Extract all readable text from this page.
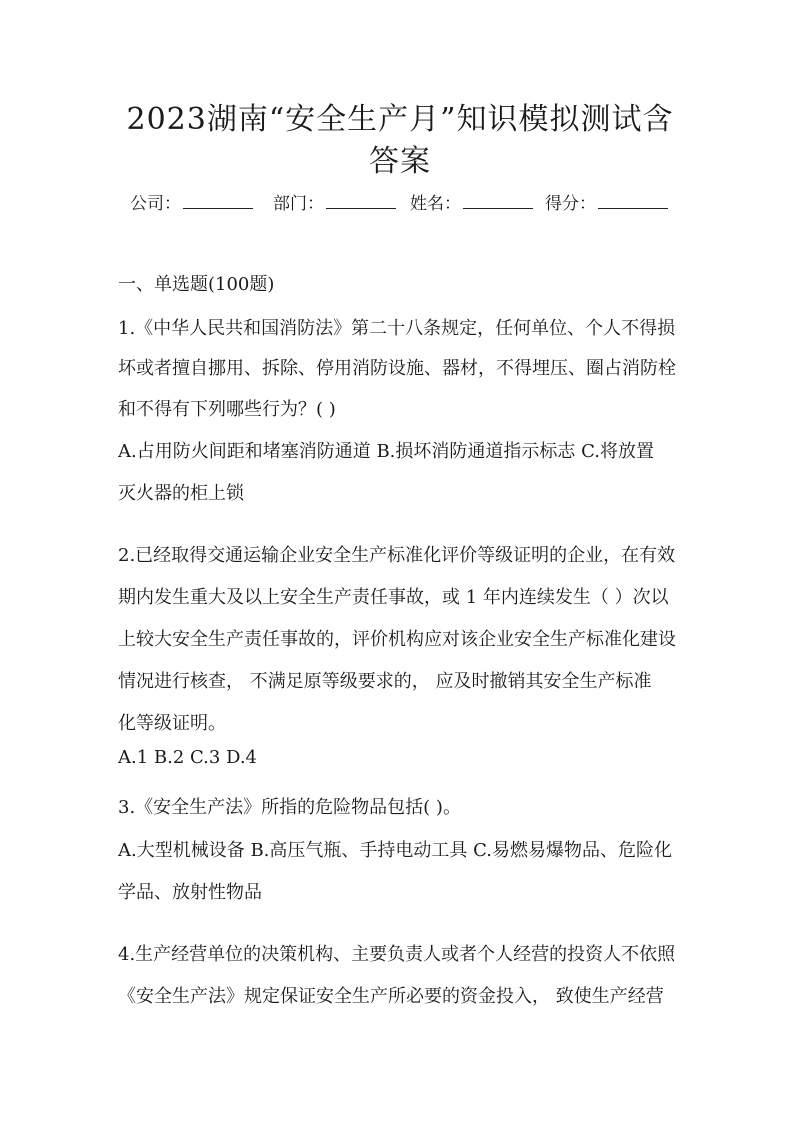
2023湖南“安全生产月”知识模拟测试含
答案
公司：	部门：	姓名：	得分：
一、单选题(100题)
1.《中华人民共和国消防法》第二十八条规定，任何单位、个人不得损
坏或者擅自挪用、拆除、停用消防设施、器材，不得埋压、圈占消防栓
和不得有下列哪些行为？( )
A.占用防火间距和堵塞消防通道 B.损坏消防通道指示标志 C.将放置
灭火器的柜上锁
2.已经取得交通运输企业安全生产标准化评价等级证明的企业，在有效
期内发生重大及以上安全生产责任事故，或 1 年内连续发生（ ）次以
上较大安全生产责任事故的，评价机构应对该企业安全生产标准化建设
情况进行核查， 不满足原等级要求的， 应及时撤销其安全生产标准
化等级证明。
A.1 B.2 C.3 D.4
3.《安全生产法》所指的危险物品包括( )。
A.大型机械设备 B.高压气瓶、手持电动工具 C.易燃易爆物品、危险化
学品、放射性物品
4.生产经营单位的决策机构、主要负责人或者个人经营的投资人不依照
《安全生产法》规定保证安全生产所必要的资金投入， 致使生产经营
